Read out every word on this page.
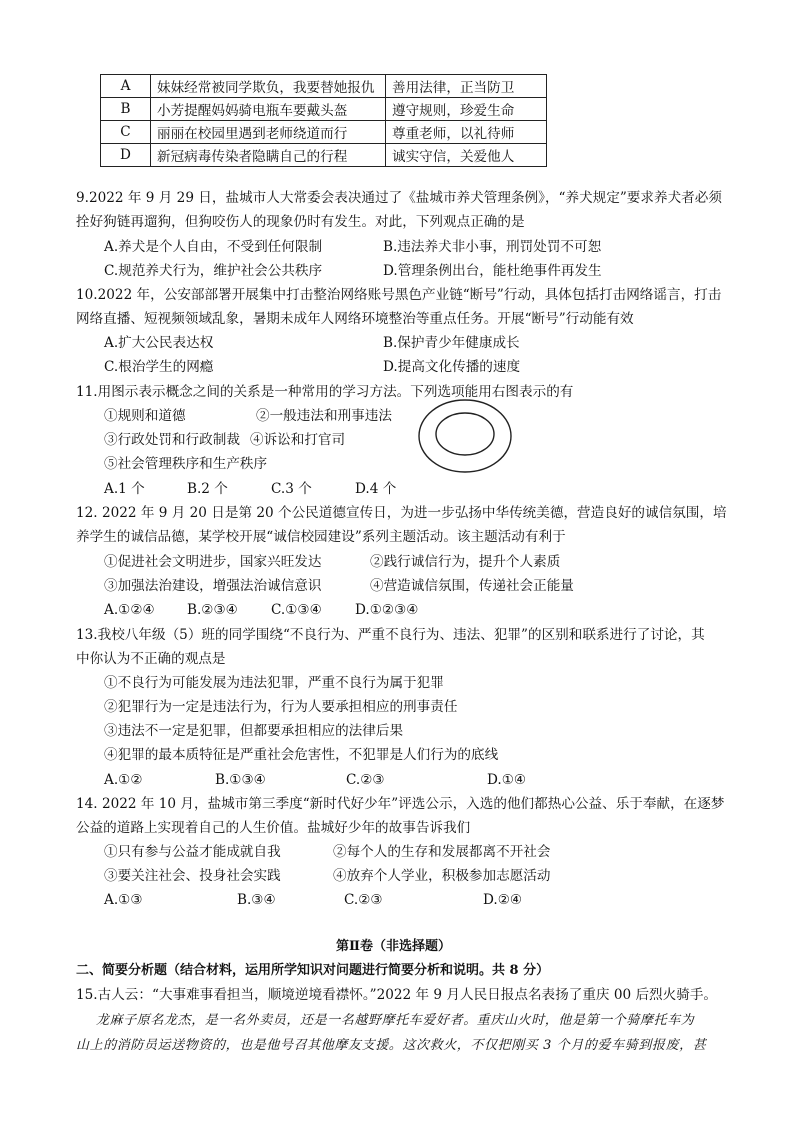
A	妹妹经常被同学欺负，我要替她报仇	善用法律，正当防卫
B	小芳提醒妈妈骑电瓶车要戴头盔	遵守规则，珍爱生命
C	丽丽在校园里遇到老师绕道而行	尊重老师，以礼待师
D	新冠病毒传染者隐瞒自己的行程	诚实守信，关爱他人
9.2022 年 9 月 29 日，盐城市人大常委会表决通过了《盐城市养犬管理条例》，“养犬规定”要求养犬者必须
拴好狗链再遛狗，但狗咬伤人的现象仍时有发生。对此，下列观点正确的是
A.养犬是个人自由，不受到任何限制	B.违法养犬非小事，刑罚处罚不可恕
C.规范养犬行为，维护社会公共秩序	D.管理条例出台，能杜绝事件再发生
10.2022 年，公安部部署开展集中打击整治网络账号黑色产业链“断号”行动，具体包括打击网络谣言，打击
网络直播、短视频领域乱象，暑期未成年人网络环境整治等重点任务。开展“断号”行动能有效
A.扩大公民表达权	B.保护青少年健康成长
C.根治学生的网瘾	D.提高文化传播的速度
11.用图示表示概念之间的关系是一种常用的学习方法。下列选项能用右图表示的有
①规则和道德	②一般违法和刑事违法
③行政处罚和行政制裁 ④诉讼和打官司
⑤社会管理秩序和生产秩序
A.1 个	B.2 个	C.3 个	D.4 个
12. 2022 年 9 月 20 日是第 20 个公民道德宣传日，为进一步弘扬中华传统美德，营造良好的诚信氛围，培
养学生的诚信品德，某学校开展“诚信校园建设”系列主题活动。该主题活动有利于
①促进社会文明进步，国家兴旺发达	②践行诚信行为，提升个人素质
③加强法治建设，增强法治诚信意识	④营造诚信氛围，传递社会正能量
A.①②④ B.②③④ C.①③④ D.①②③④
13.我校八年级（5）班的同学围绕“不良行为、严重不良行为、违法、犯罪”的区别和联系进行了讨论，其
中你认为不正确的观点是
①不良行为可能发展为违法犯罪，严重不良行为属于犯罪
②犯罪行为一定是违法行为，行为人要承担相应的刑事责任
③违法不一定是犯罪，但都要承担相应的法律后果
④犯罪的最本质特征是严重社会危害性，不犯罪是人们行为的底线
A.①②	B.①③④	C.②③	D.①④
14. 2022 年 10 月，盐城市第三季度“新时代好少年”评选公示，入选的他们都热心公益、乐于奉献，在逐梦
公益的道路上实现着自己的人生价值。盐城好少年的故事告诉我们
①只有参与公益才能成就自我	②每个人的生存和发展都离不开社会
③要关注社会、投身社会实践	④放弃个人学业，积极参加志愿活动
A.①③	B.③④	C.②③	D.②④
第Ⅱ卷（非选择题）
二、简要分析题（结合材料，运用所学知识对问题进行简要分析和说明。共 8 分）
15.古人云：“大事难事看担当，顺境逆境看襟怀。”2022 年 9 月人民日报点名表扬了重庆 00 后烈火骑手。
龙麻子原名龙杰，是一名外卖员，还是一名越野摩托车爱好者。重庆山火时，他是第一个骑摩托车为
山上的消防员运送物资的，也是他号召其他摩友支援。这次救火，不仅把刚买 3 个月的爱车骑到报废，甚
